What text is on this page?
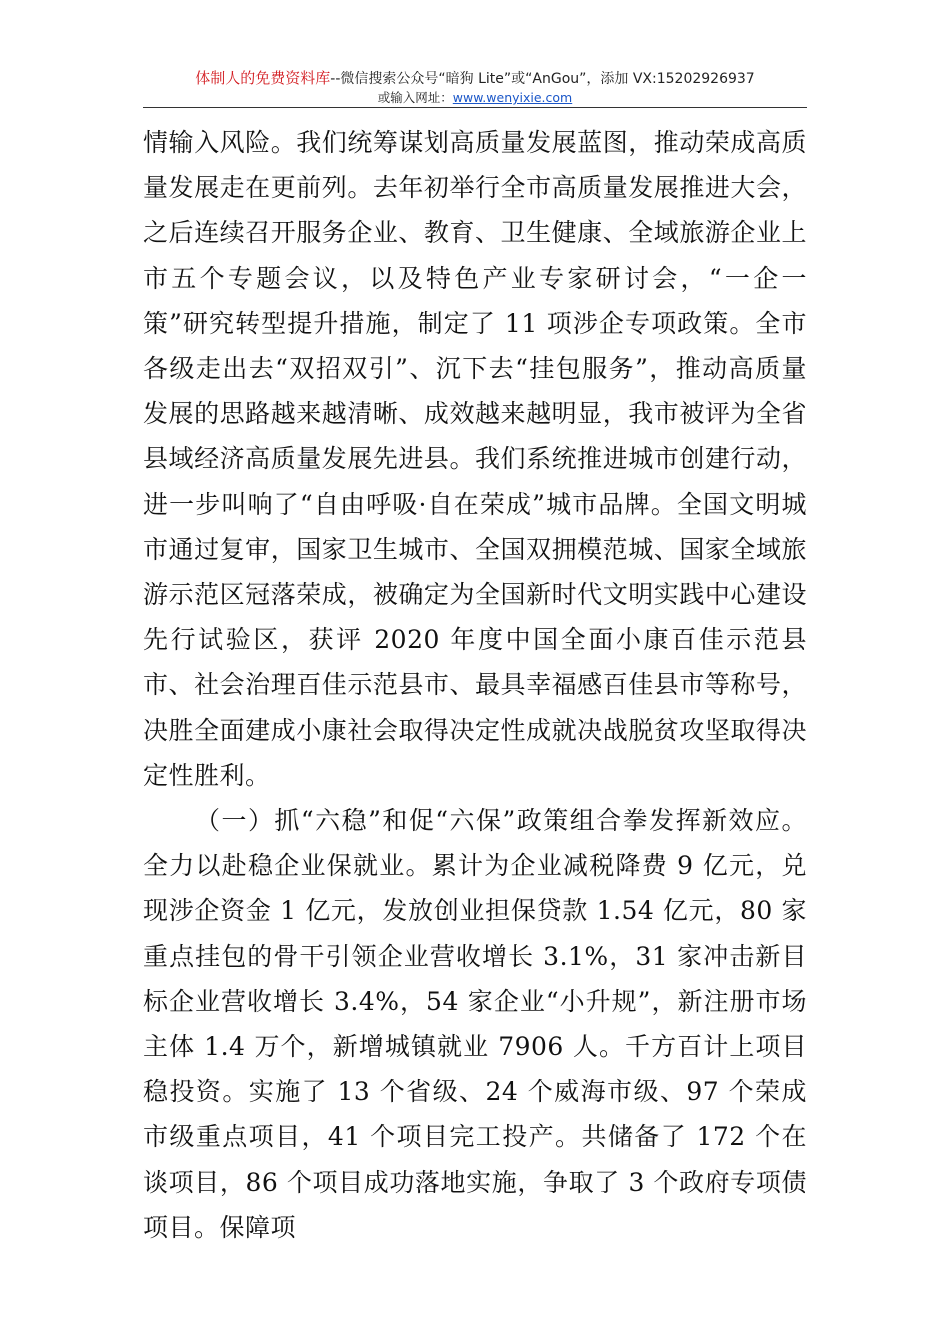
体制人的免费资料库--微信搜索公众号“暗狗 Lite”或“AnGou”，添加 VX:15202926937
或输入网址：www.wenyixie.com

情输入风险。我们统筹谋划高质量发展蓝图，推动荣成高质量发展走在更前列。去年初举行全市高质量发展推进大会，之后连续召开服务企业、教育、卫生健康、全域旅游企业上市五个专题会议，以及特色产业专家研讨会，“一企一策”研究转型提升措施，制定了 11 项涉企专项政策。全市各级走出去“双招双引”、沉下去“挂包服务”，推动高质量发展的思路越来越清晰、成效越来越明显，我市被评为全省县域经济高质量发展先进县。我们系统推进城市创建行动，进一步叫响了“自由呼吸·自在荣成”城市品牌。全国文明城市通过复审，国家卫生城市、全国双拥模范城、国家全域旅游示范区冠落荣成，被确定为全国新时代文明实践中心建设先行试验区，获评 2020 年度中国全面小康百佳示范县市、社会治理百佳示范县市、最具幸福感百佳县市等称号，决胜全面建成小康社会取得决定性成就决战脱贫攻坚取得决定性胜利。

（一）抓“六稳”和促“六保”政策组合拳发挥新效应。全力以赴稳企业保就业。累计为企业减税降费 9 亿元，兑现涉企资金 1 亿元，发放创业担保贷款 1.54 亿元，80 家重点挂包的骨干引领企业营收增长 3.1%，31 家冲击新目标企业营收增长 3.4%，54 家企业“小升规”，新注册市场主体 1.4 万个，新增城镇就业 7906 人。千方百计上项目稳投资。实施了 13 个省级、24 个威海市级、97 个荣成市级重点项目，41 个项目完工投产。共储备了 172 个在谈项目，86 个项目成功落地实施，争取了 3 个政府专项债项目。保障项
